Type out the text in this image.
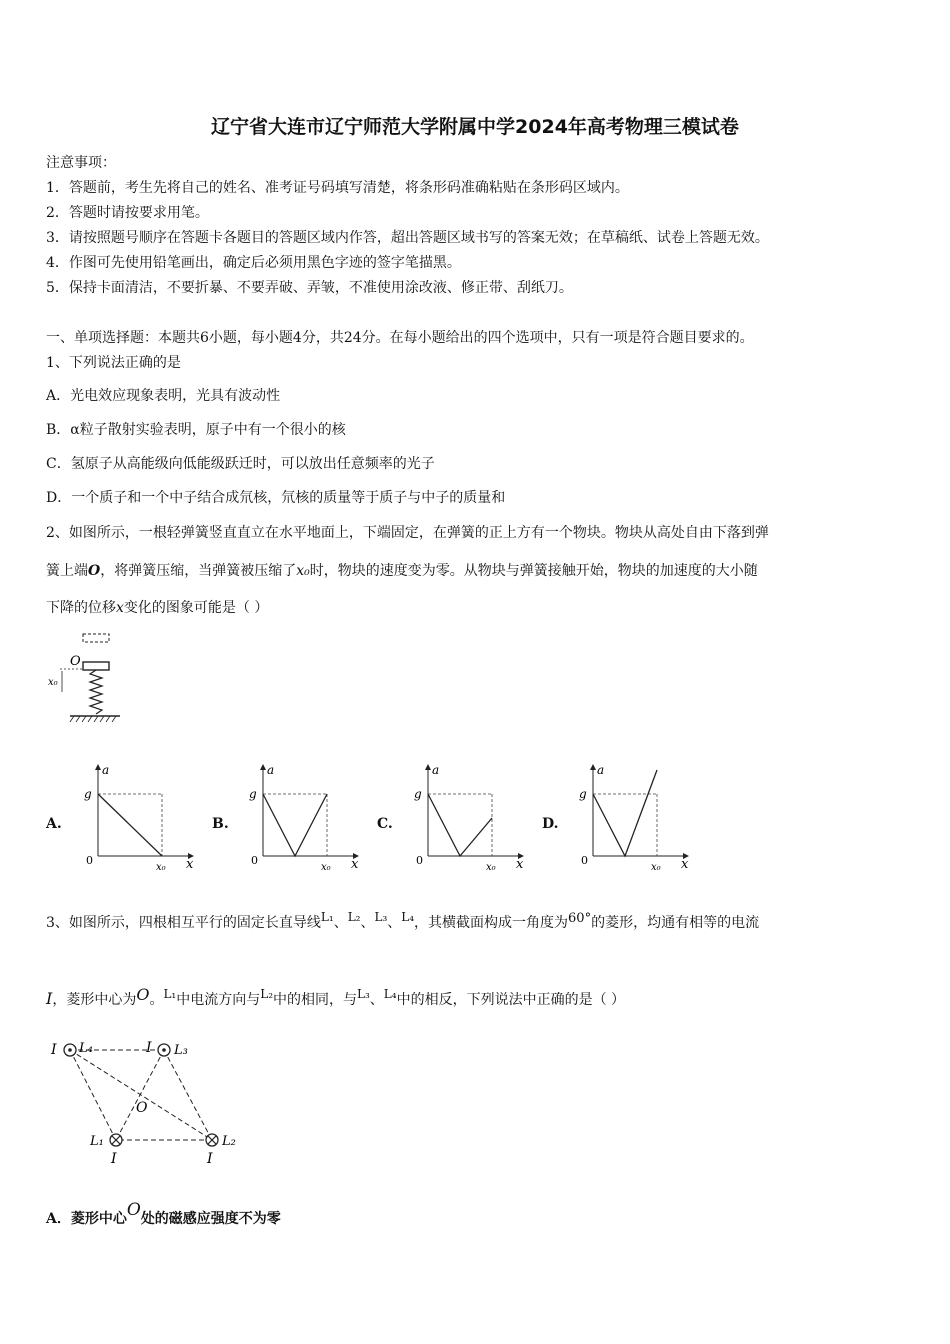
辽宁省大连市辽宁师范大学附属中学2024年高考物理三模试卷
注意事项：
1．答题前，考生先将自己的姓名、准考证号码填写清楚，将条形码准确粘贴在条形码区域内。
2．答题时请按要求用笔。
3．请按照题号顺序在答题卡各题目的答题区域内作答，超出答题区域书写的答案无效；在草稿纸、试卷上答题无效。
4．作图可先使用铅笔画出，确定后必须用黑色字迹的签字笔描黑。
5．保持卡面清洁，不要折暴、不要弄破、弄皱，不准使用涂改液、修正带、刮纸刀。
一、单项选择题：本题共6小题，每小题4分，共24分。在每小题给出的四个选项中，只有一项是符合题目要求的。
1、下列说法正确的是
A．光电效应现象表明，光具有波动性
B．α粒子散射实验表明，原子中有一个很小的核
C．氢原子从高能级向低能级跃迁时，可以放出任意频率的光子
D．一个质子和一个中子结合成氘核，氘核的质量等于质子与中子的质量和
2、如图所示，一根轻弹簧竖直直立在水平地面上，下端固定，在弹簧的正上方有一个物块。物块从高处自由下落到弹
簧上端O，将弹簧压缩，当弹簧被压缩了x₀时，物块的速度变为零。从物块与弹簧接触开始，物块的加速度的大小随
下降的位移x变化的图象可能是（ ）
O
x₀
A.	B.	C.	D.
a
g
0
x₀ x
a
g
0
x₀ x
a
g
0
x₀ x
a
g
0
x₀ x
3、如图所示，四根相互平行的固定长直导线L₁、L₂、L₃、L₄，其横截面构成一角度为60°的菱形，均通有相等的电流
I，菱形中心为O。L₁中电流方向与L₂中的相同，与L₃、L₄中的相反，下列说法中正确的是（ ）
I L₄	I L₃
O
L₁
I
L₂
I
A．菱形中心O处的磁感应强度不为零
